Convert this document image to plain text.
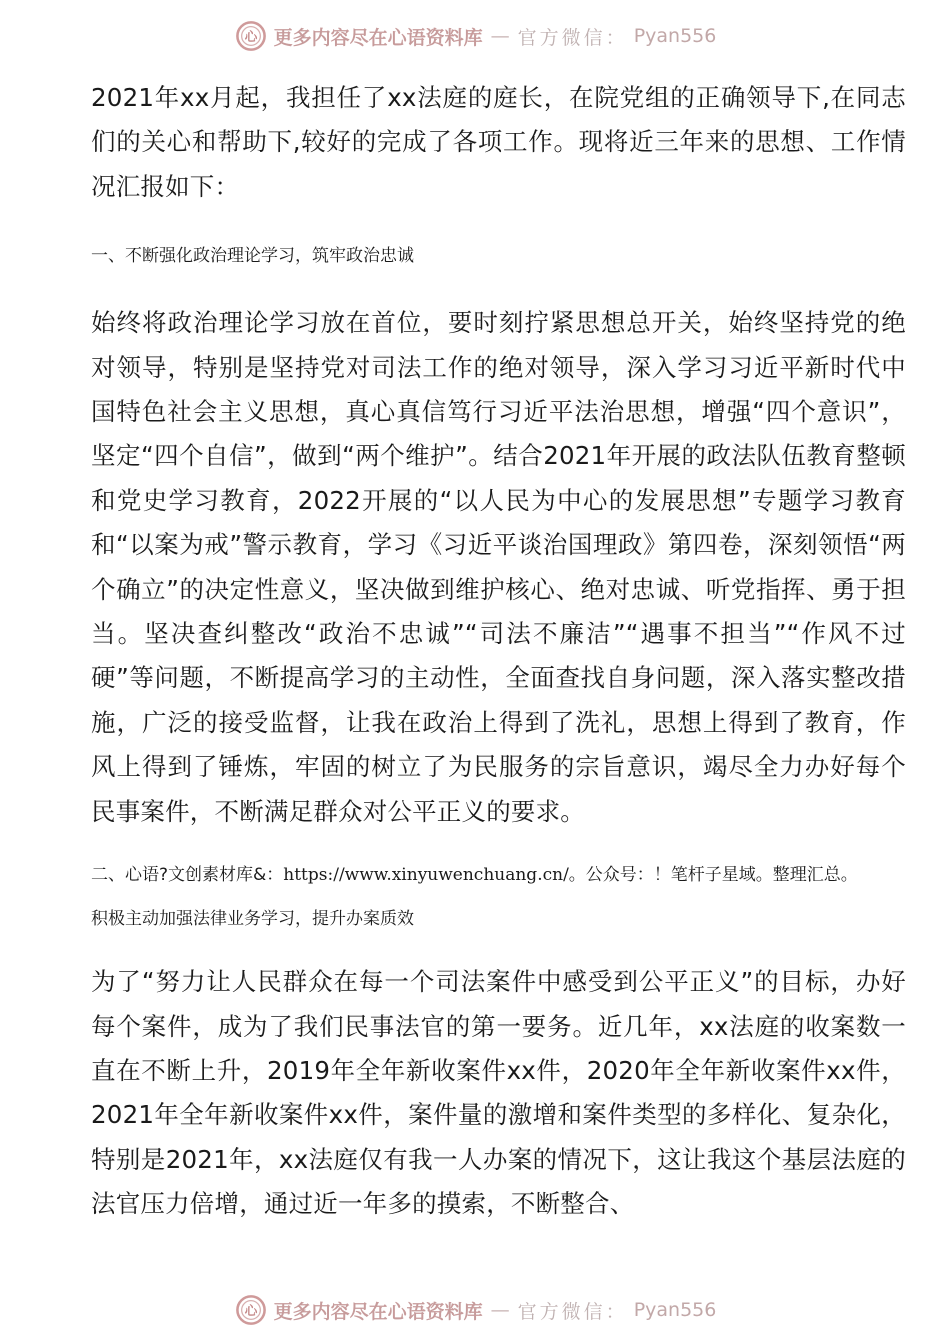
心 更多内容尽在心语资料库 — 官方微信： Pyan556

2021年xx月起，我担任了xx法庭的庭长，在院党组的正确领导下,在同志们的关心和帮助下,较好的完成了各项工作。现将近三年来的思想、工作情况汇报如下：

一、不断强化政治理论学习，筑牢政治忠诚

始终将政治理论学习放在首位，要时刻拧紧思想总开关，始终坚持党的绝对领导，特别是坚持党对司法工作的绝对领导，深入学习习近平新时代中国特色社会主义思想，真心真信笃行习近平法治思想，增强“四个意识”，坚定“四个自信”，做到“两个维护”。结合2021年开展的政法队伍教育整顿和党史学习教育，2022开展的“以人民为中心的发展思想”专题学习教育和“以案为戒”警示教育，学习《习近平谈治国理政》第四卷，深刻领悟“两个确立”的决定性意义，坚决做到维护核心、绝对忠诚、听党指挥、勇于担当。坚决查纠整改“政治不忠诚”“司法不廉洁”“遇事不担当”“作风不过硬”等问题，不断提高学习的主动性，全面查找自身问题，深入落实整改措施，广泛的接受监督，让我在政治上得到了洗礼，思想上得到了教育，作风上得到了锤炼，牢固的树立了为民服务的宗旨意识，竭尽全力办好每个民事案件，不断满足群众对公平正义的要求。

二、心语?文创素材库&：https://www.xinyuwenchuang.cn/。公众号：！笔杆子星域。整理汇总。

积极主动加强法律业务学习，提升办案质效

为了“努力让人民群众在每一个司法案件中感受到公平正义”的目标，办好每个案件，成为了我们民事法官的第一要务。近几年，xx法庭的收案数一直在不断上升，2019年全年新收案件xx件，2020年全年新收案件xx件，2021年全年新收案件xx件，案件量的激增和案件类型的多样化、复杂化，特别是2021年，xx法庭仅有我一人办案的情况下，这让我这个基层法庭的法官压力倍增，通过近一年多的摸索，不断整合、

心 更多内容尽在心语资料库 — 官方微信： Pyan556
